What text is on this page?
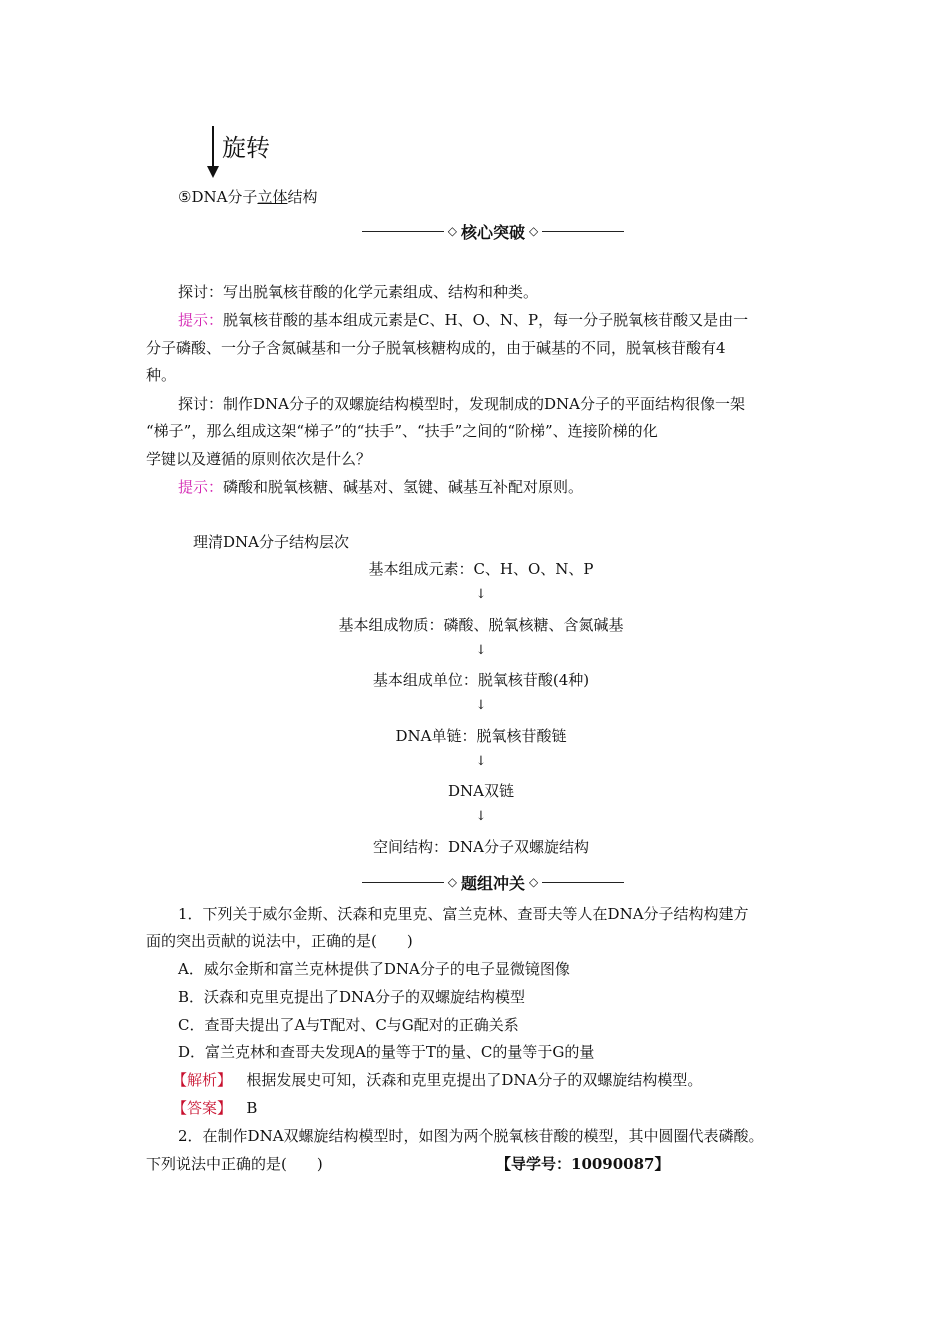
旋转
⑤DNA分子立体结构
◇ 核心突破 ◇
探讨：写出脱氧核苷酸的化学元素组成、结构和种类。
提示：脱氧核苷酸的基本组成元素是C、H、O、N、P，每一分子脱氧核苷酸又是由一
分子磷酸、一分子含氮碱基和一分子脱氧核糖构成的，由于碱基的不同，脱氧核苷酸有4
种。
探讨：制作DNA分子的双螺旋结构模型时，发现制成的DNA分子的平面结构很像一架
“梯子”，那么组成这架“梯子”的“扶手”、“扶手”之间的“阶梯”、连接阶梯的化
学键以及遵循的原则依次是什么？
提示：磷酸和脱氧核糖、碱基对、氢键、碱基互补配对原则。
理清DNA分子结构层次
基本组成元素：C、H、O、N、P
↓
基本组成物质：磷酸、脱氧核糖、含氮碱基
↓
基本组成单位：脱氧核苷酸(4种)
↓
DNA单链：脱氧核苷酸链
↓
DNA双链
↓
空间结构：DNA分子双螺旋结构
◇ 题组冲关 ◇
1．下列关于威尔金斯、沃森和克里克、富兰克林、查哥夫等人在DNA分子结构构建方
面的突出贡献的说法中，正确的是(　　)
A．威尔金斯和富兰克林提供了DNA分子的电子显微镜图像
B．沃森和克里克提出了DNA分子的双螺旋结构模型
C．查哥夫提出了A与T配对、C与G配对的正确关系
D．富兰克林和查哥夫发现A的量等于T的量、C的量等于G的量
【解析】 根据发展史可知，沃森和克里克提出了DNA分子的双螺旋结构模型。
【答案】 B
2．在制作DNA双螺旋结构模型时，如图为两个脱氧核苷酸的模型，其中圆圈代表磷酸。
下列说法中正确的是(　　)	【导学号：10090087】
